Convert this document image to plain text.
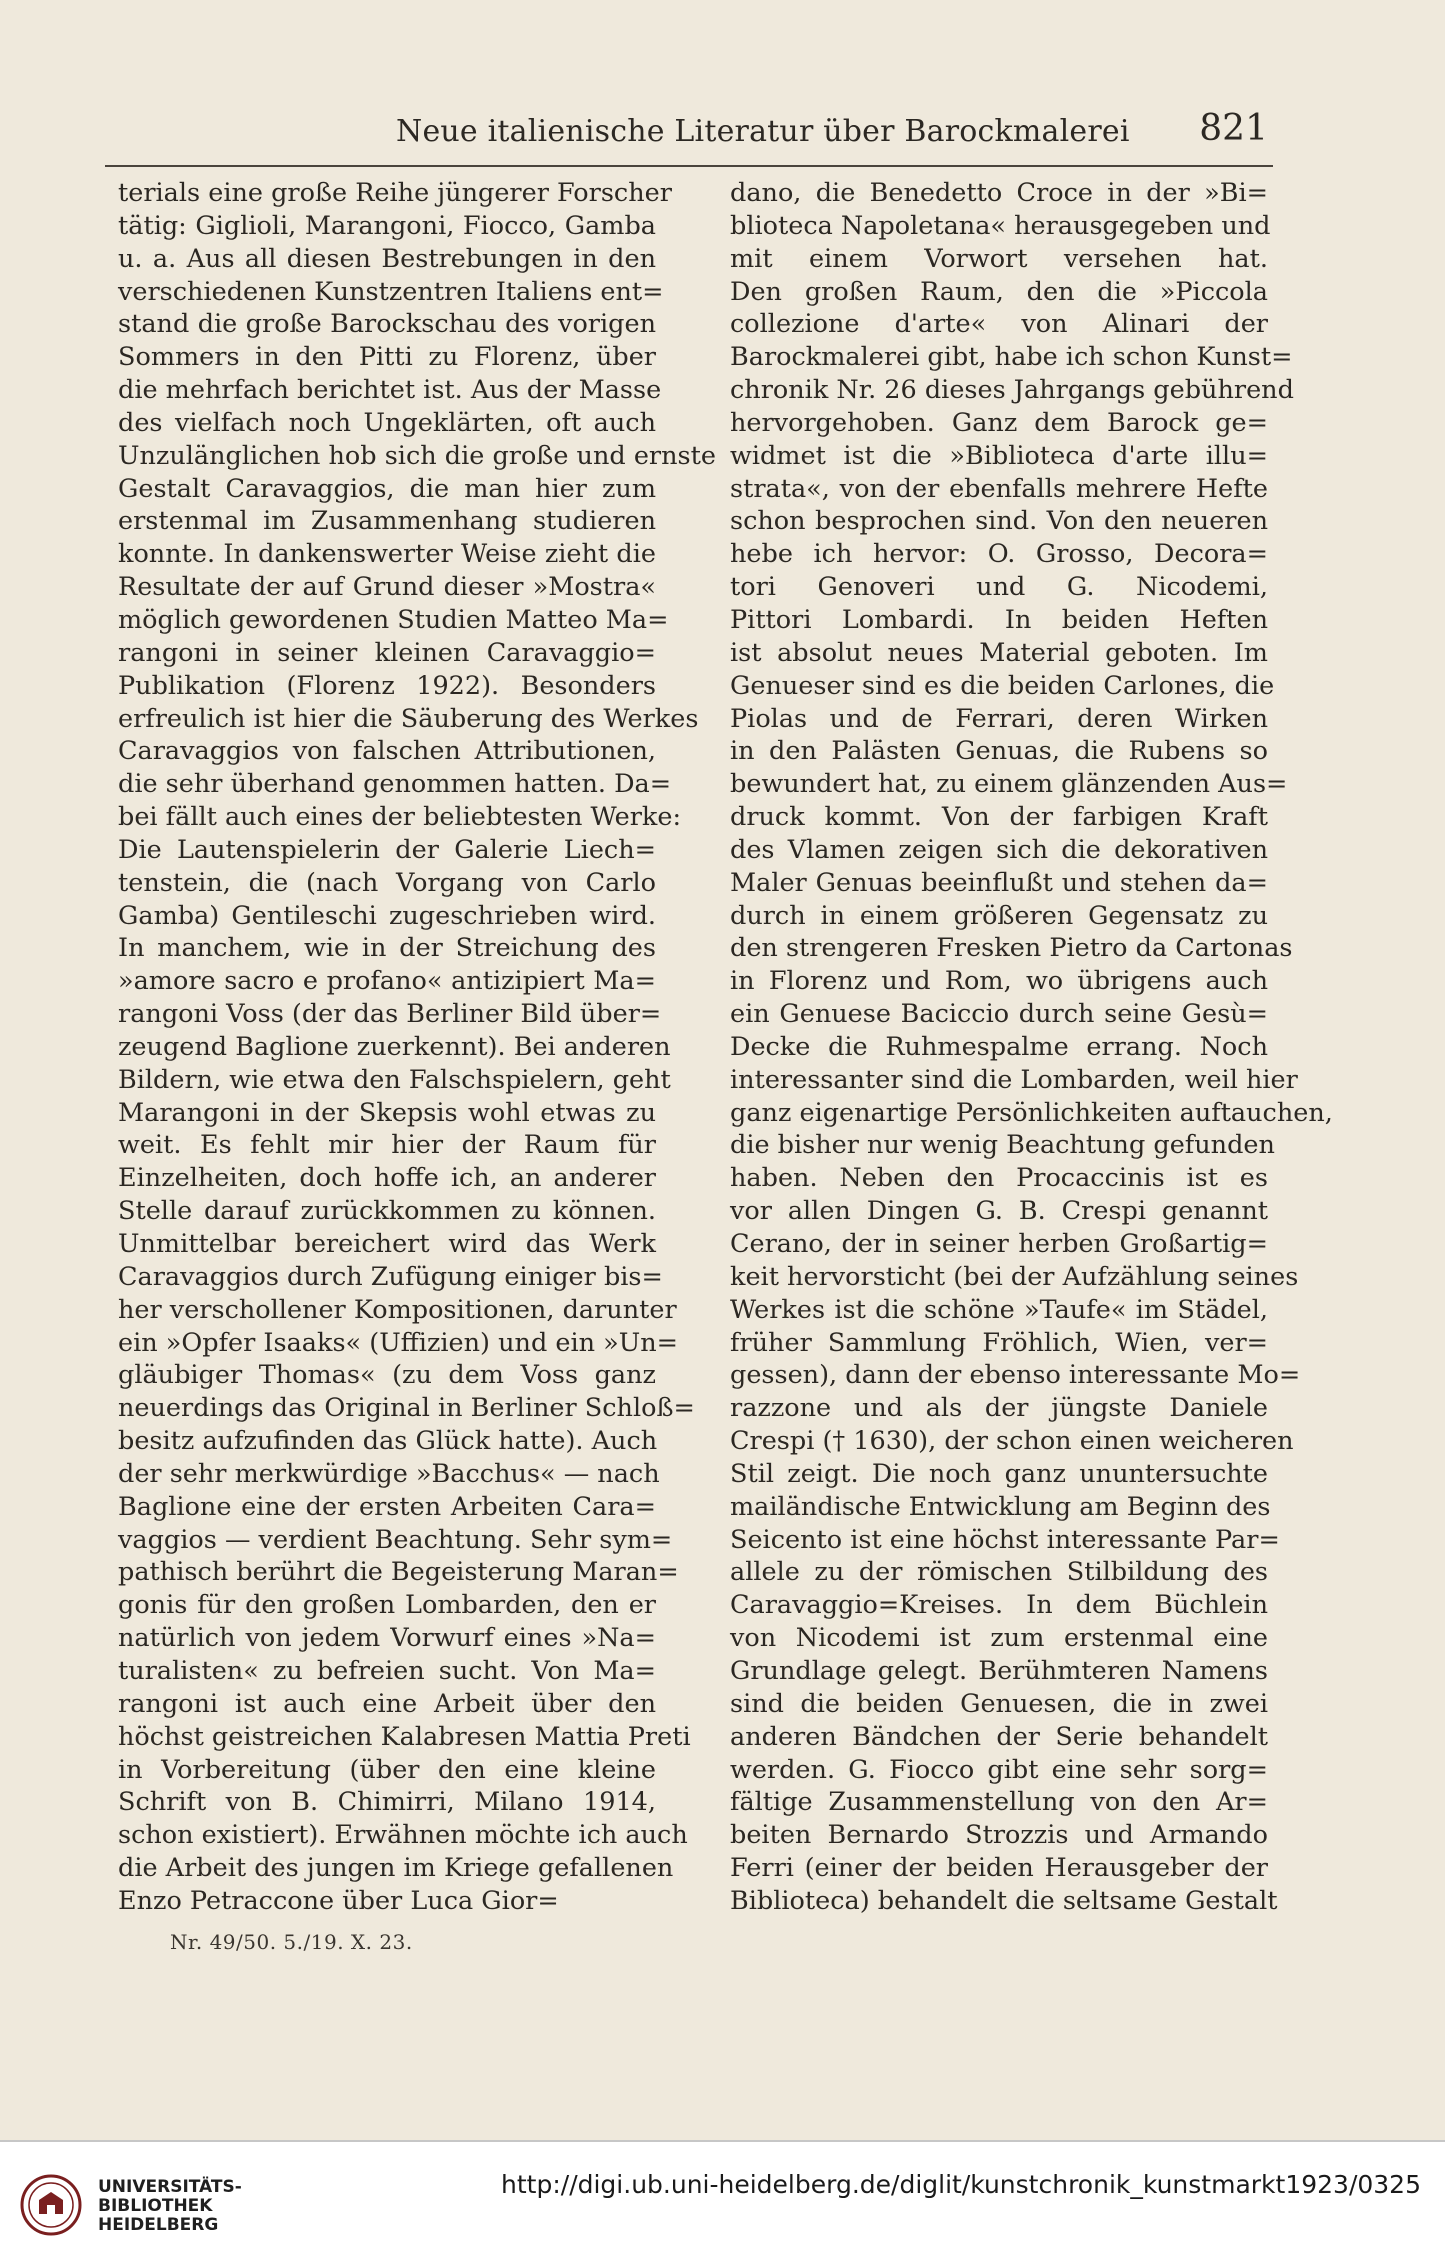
Neue italienische Literatur über Barockmalerei 821
terials eine große Reihe jüngerer Forscher
tätig: Giglioli, Marangoni, Fiocco, Gamba
u. a. Aus all diesen Bestrebungen in den
verschiedenen Kunstzentren Italiens ent=
stand die große Barockschau des vorigen
Sommers in den Pitti zu Florenz, über
die mehrfach berichtet ist. Aus der Masse
des vielfach noch Ungeklärten, oft auch
Unzulänglichen hob sich die große und ernste
Gestalt Caravaggios, die man hier zum
erstenmal im Zusammenhang studieren
konnte. In dankenswerter Weise zieht die
Resultate der auf Grund dieser »Mostra«
möglich gewordenen Studien Matteo Ma=
rangoni in seiner kleinen Caravaggio=
Publikation (Florenz 1922). Besonders
erfreulich ist hier die Säuberung des Werkes
Caravaggios von falschen Attributionen,
die sehr überhand genommen hatten. Da=
bei fällt auch eines der beliebtesten Werke:
Die Lautenspielerin der Galerie Liech=
tenstein, die (nach Vorgang von Carlo
Gamba) Gentileschi zugeschrieben wird.
In manchem, wie in der Streichung des
»amore sacro e profano« antizipiert Ma=
rangoni Voss (der das Berliner Bild über=
zeugend Baglione zuerkennt). Bei anderen
Bildern, wie etwa den Falschspielern, geht
Marangoni in der Skepsis wohl etwas zu
weit. Es fehlt mir hier der Raum für
Einzelheiten, doch hoffe ich, an anderer
Stelle darauf zurückkommen zu können.
Unmittelbar bereichert wird das Werk
Caravaggios durch Zufügung einiger bis=
her verschollener Kompositionen, darunter
ein »Opfer Isaaks« (Uffizien) und ein »Un=
gläubiger Thomas« (zu dem Voss ganz
neuerdings das Original in Berliner Schloß=
besitz aufzufinden das Glück hatte). Auch
der sehr merkwürdige »Bacchus« — nach
Baglione eine der ersten Arbeiten Cara=
vaggios — verdient Beachtung. Sehr sym=
pathisch berührt die Begeisterung Maran=
gonis für den großen Lombarden, den er
natürlich von jedem Vorwurf eines »Na=
turalisten« zu befreien sucht. Von Ma=
rangoni ist auch eine Arbeit über den
höchst geistreichen Kalabresen Mattia Preti
in Vorbereitung (über den eine kleine
Schrift von B. Chimirri, Milano 1914,
schon existiert). Erwähnen möchte ich auch
die Arbeit des jungen im Kriege gefallenen
Enzo Petraccone über Luca Gior=
dano, die Benedetto Croce in der »Bi=
blioteca Napoletana« herausgegeben und
mit einem Vorwort versehen hat.
Den großen Raum, den die »Piccola
collezione d'arte« von Alinari der
Barockmalerei gibt, habe ich schon Kunst=
chronik Nr. 26 dieses Jahrgangs gebührend
hervorgehoben. Ganz dem Barock ge=
widmet ist die »Biblioteca d'arte illu=
strata«, von der ebenfalls mehrere Hefte
schon besprochen sind. Von den neueren
hebe ich hervor: O. Grosso, Decora=
tori Genoveri und G. Nicodemi,
Pittori Lombardi. In beiden Heften
ist absolut neues Material geboten. Im
Genueser sind es die beiden Carlones, die
Piolas und de Ferrari, deren Wirken
in den Palästen Genuas, die Rubens so
bewundert hat, zu einem glänzenden Aus=
druck kommt. Von der farbigen Kraft
des Vlamen zeigen sich die dekorativen
Maler Genuas beeinflußt und stehen da=
durch in einem größeren Gegensatz zu
den strengeren Fresken Pietro da Cartonas
in Florenz und Rom, wo übrigens auch
ein Genuese Baciccio durch seine Gesù=
Decke die Ruhmespalme errang. Noch
interessanter sind die Lombarden, weil hier
ganz eigenartige Persönlichkeiten auftauchen,
die bisher nur wenig Beachtung gefunden
haben. Neben den Procaccinis ist es
vor allen Dingen G. B. Crespi genannt
Cerano, der in seiner herben Großartig=
keit hervorsticht (bei der Aufzählung seines
Werkes ist die schöne »Taufe« im Städel,
früher Sammlung Fröhlich, Wien, ver=
gessen), dann der ebenso interessante Mo=
razzone und als der jüngste Daniele
Crespi († 1630), der schon einen weicheren
Stil zeigt. Die noch ganz ununtersuchte
mailändische Entwicklung am Beginn des
Seicento ist eine höchst interessante Par=
allele zu der römischen Stilbildung des
Caravaggio=Kreises. In dem Büchlein
von Nicodemi ist zum erstenmal eine
Grundlage gelegt. Berühmteren Namens
sind die beiden Genuesen, die in zwei
anderen Bändchen der Serie behandelt
werden. G. Fiocco gibt eine sehr sorg=
fältige Zusammenstellung von den Ar=
beiten Bernardo Strozzis und Armando
Ferri (einer der beiden Herausgeber der
Biblioteca) behandelt die seltsame Gestalt
Nr. 49/50. 5./19. X. 23.
UNIVERSITÄTS-
BIBLIOTHEK
HEIDELBERG
http://digi.ub.uni-heidelberg.de/diglit/kunstchronik_kunstmarkt1923/0325
